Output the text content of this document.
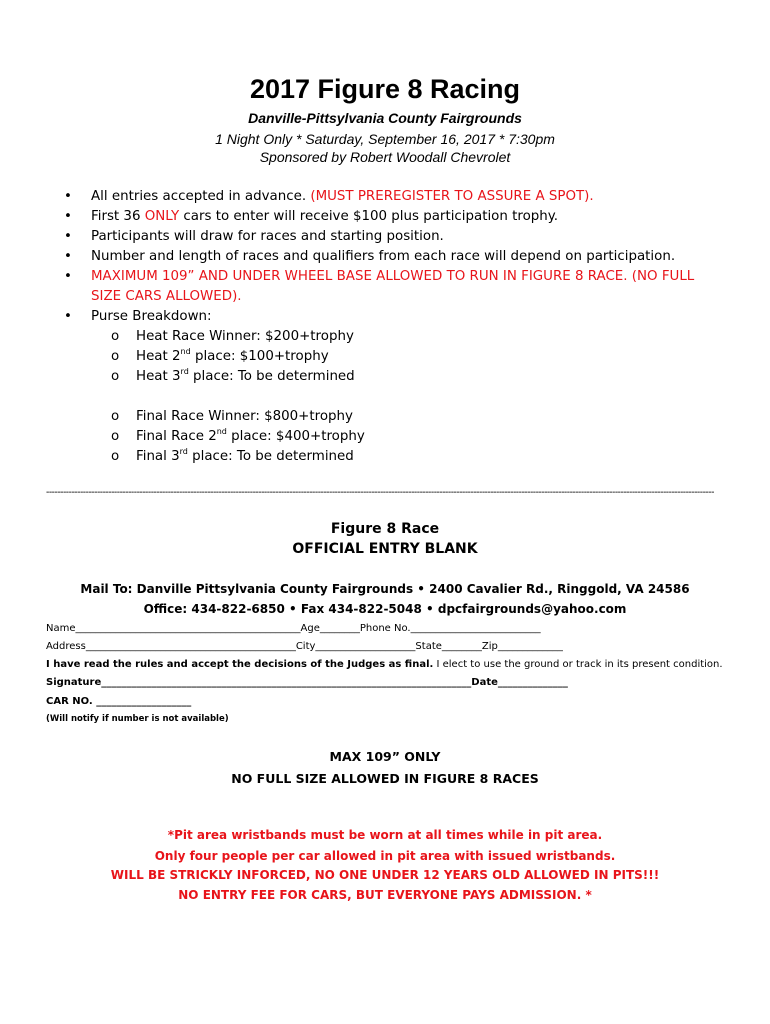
2017 Figure 8 Racing
Danville-Pittsylvania County Fairgrounds
1 Night Only * Saturday, September 16, 2017 * 7:30pm
Sponsored by Robert Woodall Chevrolet
• All entries accepted in advance. (MUST PREREGISTER TO ASSURE A SPOT).
• First 36 ONLY cars to enter will receive $100 plus participation trophy.
• Participants will draw for races and starting position.
• Number and length of races and qualifiers from each race will depend on participation.
• MAXIMUM 109” AND UNDER WHEEL BASE ALLOWED TO RUN IN FIGURE 8 RACE. (NO FULL SIZE CARS ALLOWED).
• Purse Breakdown:
o Heat Race Winner: $200+trophy
o Heat 2nd place: $100+trophy
o Heat 3rd place: To be determined
o Final Race Winner: $800+trophy
o Final Race 2nd place: $400+trophy
o Final 3rd place: To be determined
--------------------------------------------------------------------------------------------------------------------------------------------------------------------------------------------------------------------------------------------
Figure 8 Race
OFFICIAL ENTRY BLANK
Mail To: Danville Pittsylvania County Fairgrounds • 2400 Cavalier Rd., Ringgold, VA 24586
Office: 434-822-6850 • Fax 434-822-5048 • dpcfairgrounds@yahoo.com
Name_____________________________________________Age________Phone No.__________________________
Address__________________________________________City____________________State________Zip_____________
I have read the rules and accept the decisions of the Judges as final. I elect to use the ground or track in its present condition.
Signature__________________________________________________________________________Date______________
CAR NO. ___________________
(Will notify if number is not available)
MAX 109” ONLY
NO FULL SIZE ALLOWED IN FIGURE 8 RACES
*Pit area wristbands must be worn at all times while in pit area.
Only four people per car allowed in pit area with issued wristbands.
WILL BE STRICKLY INFORCED, NO ONE UNDER 12 YEARS OLD ALLOWED IN PITS!!!
NO ENTRY FEE FOR CARS, BUT EVERYONE PAYS ADMISSION. *
